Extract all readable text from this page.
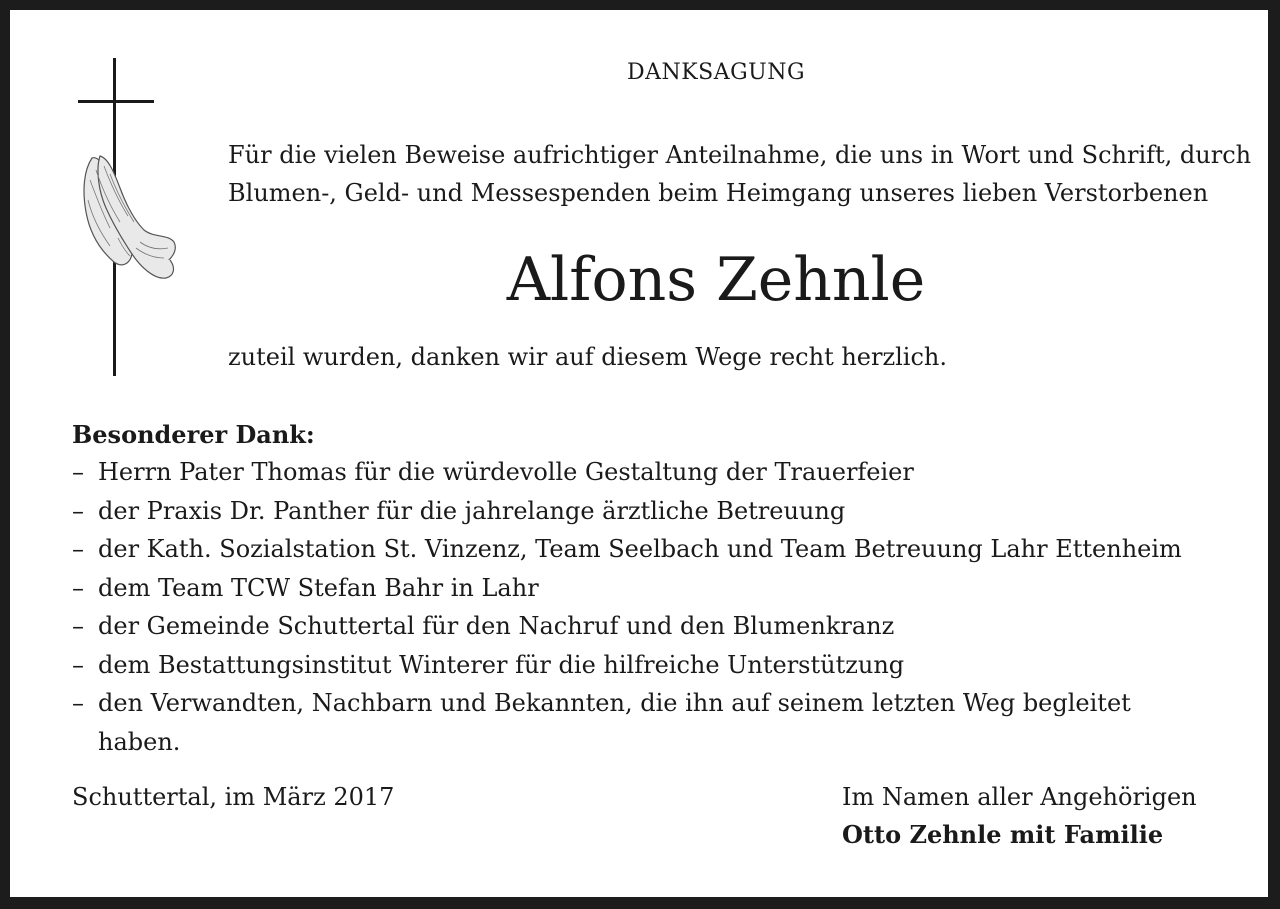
DANKSAGUNG
Für die vielen Beweise aufrichtiger Anteilnahme, die uns in Wort und Schrift, durch
Blumen-, Geld- und Messespenden beim Heimgang unseres lieben Verstorbenen
Alfons Zehnle
zuteil wurden, danken wir auf diesem Wege recht herzlich.
Besonderer Dank:
– Herrn Pater Thomas für die würdevolle Gestaltung der Trauerfeier
– der Praxis Dr. Panther für die jahrelange ärztliche Betreuung
– der Kath. Sozialstation St. Vinzenz, Team Seelbach und Team Betreuung Lahr Ettenheim
– dem Team TCW Stefan Bahr in Lahr
– der Gemeinde Schuttertal für den Nachruf und den Blumenkranz
– dem Bestattungsinstitut Winterer für die hilfreiche Unterstützung
– den Verwandten, Nachbarn und Bekannten, die ihn auf seinem letzten Weg begleitet
haben.
Schuttertal, im März 2017	Im Namen aller Angehörigen
Otto Zehnle mit Familie
